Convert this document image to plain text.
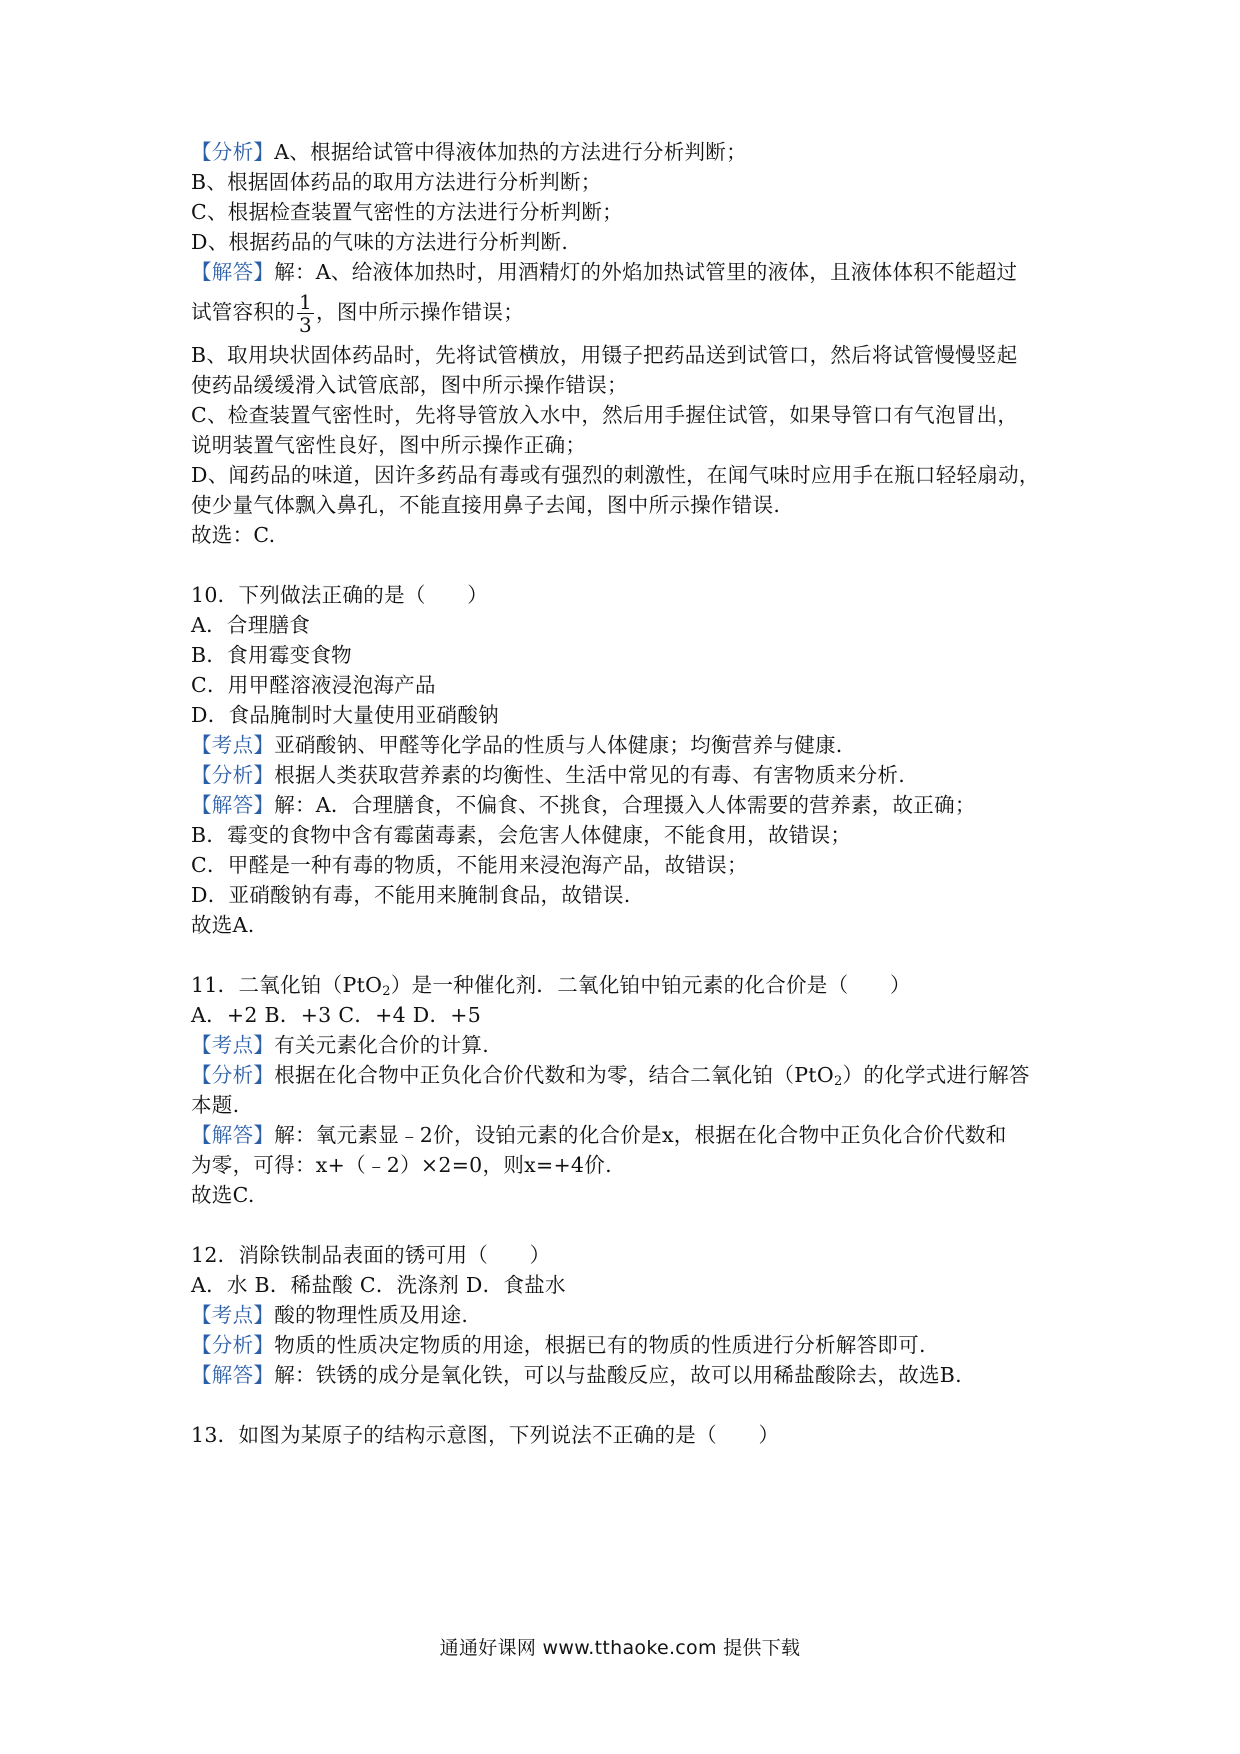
【分析】A、根据给试管中得液体加热的方法进行分析判断；
B、根据固体药品的取用方法进行分析判断；
C、根据检查装置气密性的方法进行分析判断；
D、根据药品的气味的方法进行分析判断.
【解答】解：A、给液体加热时，用酒精灯的外焰加热试管里的液体，且液体体积不能超过
试管容积的 $\frac{1}{3}$ ，图中所示操作错误；
B、取用块状固体药品时，先将试管横放，用镊子把药品送到试管口，然后将试管慢慢竖起
使药品缓缓滑入试管底部，图中所示操作错误；
C、检查装置气密性时，先将导管放入水中，然后用手握住试管，如果导管口有气泡冒出，
说明装置气密性良好，图中所示操作正确；
D、闻药品的味道，因许多药品有毒或有强烈的刺激性，在闻气味时应用手在瓶口轻轻扇动，
使少量气体飘入鼻孔，不能直接用鼻子去闻，图中所示操作错误.
故选：C.
10．下列做法正确的是（　　）
A．合理膳食
B．食用霉变食物
C．用甲醛溶液浸泡海产品
D．食品腌制时大量使用亚硝酸钠
【考点】亚硝酸钠、甲醛等化学品的性质与人体健康；均衡营养与健康.
【分析】根据人类获取营养素的均衡性、生活中常见的有毒、有害物质来分析.
【解答】解：A．合理膳食，不偏食、不挑食，合理摄入人体需要的营养素，故正确；
B．霉变的食物中含有霉菌毒素，会危害人体健康，不能食用，故错误；
C．甲醛是一种有毒的物质，不能用来浸泡海产品，故错误；
D．亚硝酸钠有毒，不能用来腌制食品，故错误.
故选A.
11．二氧化铂（PtO$_2$）是一种催化剂．二氧化铂中铂元素的化合价是（　　）
A．+2 B．+3 C．+4 D．+5
【考点】有关元素化合价的计算.
【分析】根据在化合物中正负化合价代数和为零，结合二氧化铂（PtO$_2$）的化学式进行解答
本题.
【解答】解：氧元素显﹣2价，设铂元素的化合价是x，根据在化合物中正负化合价代数和
为零，可得：x+（﹣2）×2=0，则x=+4价.
故选C.
12．消除铁制品表面的锈可用（　　）
A．水 B．稀盐酸 C．洗涤剂 D．食盐水
【考点】酸的物理性质及用途.
【分析】物质的性质决定物质的用途，根据已有的物质的性质进行分析解答即可.
【解答】解：铁锈的成分是氧化铁，可以与盐酸反应，故可以用稀盐酸除去，故选B.
13．如图为某原子的结构示意图，下列说法不正确的是（　　）
通通好课网 www.tthaoke.com 提供下载
